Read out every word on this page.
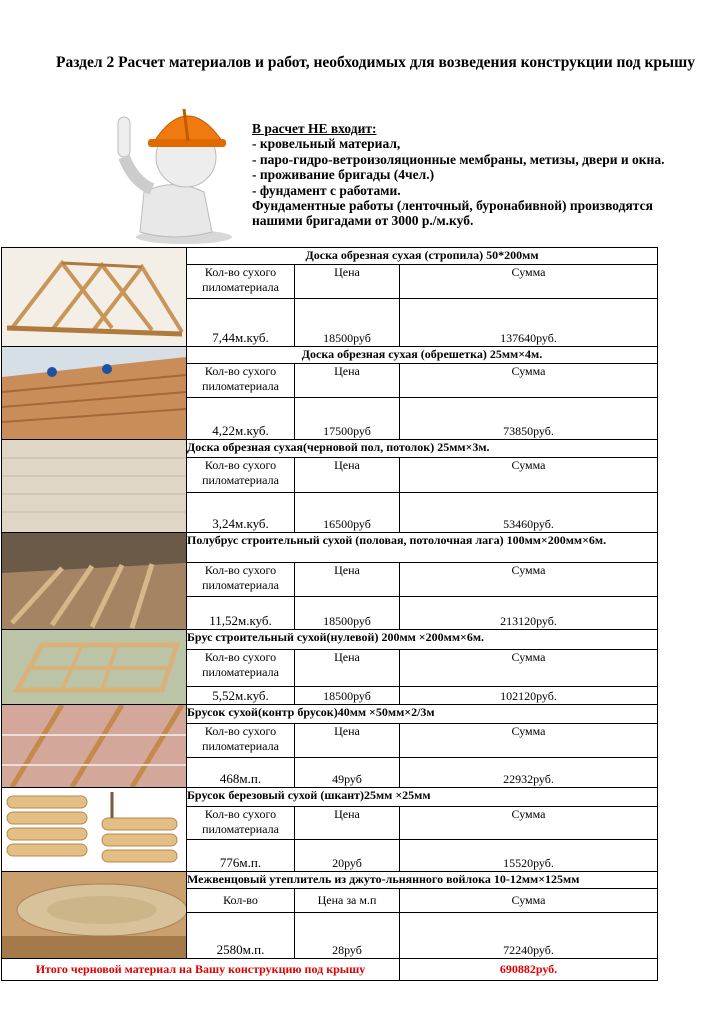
Раздел 2 Расчет материалов и работ, необходимых для возведения конструкции под крышу
В расчет НЕ входит:
- кровельный материал,
- паро-гидро-ветроизоляционные мембраны, метизы, двери и окна.
- проживание бригады (4чел.)
- фундамент с работами.
Фундаментные работы (ленточный, буронабивной) производятся нашими бригадами от 3000 р./м.куб.
	Доска обрезная сухая (стропила) 50*200мм		
	Кол-во сухого пиломатериала	Цена	Сумма
	7,44м.куб.	18500руб	137640руб.

	Доска обрезная сухая (обрешетка) 25мм×4м.		
	Кол-во сухого пиломатериала	Цена	Сумма
	4,22м.куб.	17500руб	73850руб.

	Доска обрезная сухая(черновой пол, потолок) 25мм×3м.		
	Кол-во сухого пиломатериала	Цена	Сумма
	3,24м.куб.	16500руб	53460руб.

	Полубрус строительный сухой (половая, потолочная лага) 100мм×200мм×6м.		
	Кол-во сухого пиломатериала	Цена	Сумма
	11,52м.куб.	18500руб	213120руб.

	Брус строительный сухой(нулевой) 200мм ×200мм×6м.		
	Кол-во сухого пиломатериала	Цена	Сумма
	5,52м.куб.	18500руб	102120руб.

	Брусок сухой(контр брусок)40мм ×50мм×2/3м		
	Кол-во сухого пиломатериала	Цена	Сумма
	468м.п.	49руб	22932руб.

	Брусок березовый сухой (шкант)25мм ×25мм		
	Кол-во сухого пиломатериала	Цена	Сумма
	776м.п.	20руб	15520руб.

	Межвенцовый утеплитель из джуто-льнянного войлока 10-12мм×125мм		
	Кол-во	Цена за м.п	Сумма
	2580м.п.	28руб	72240руб.
Итого черновой материал на Вашу конструкцию под крышу			690882руб.
